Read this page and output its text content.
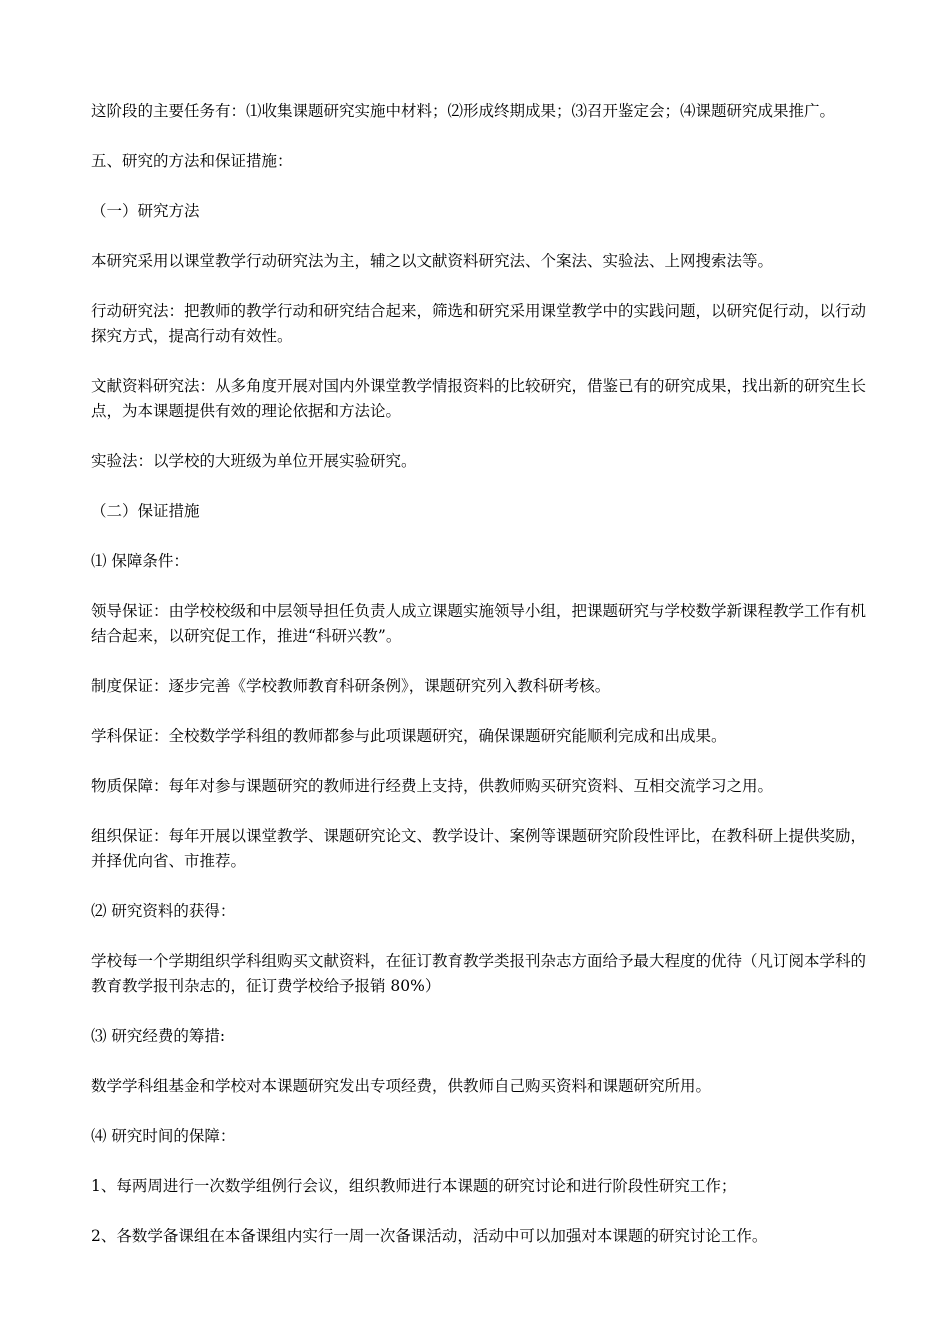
这阶段的主要任务有：⑴收集课题研究实施中材料；⑵形成终期成果；⑶召开鉴定会；⑷课题研究成果推广。

五、研究的方法和保证措施：

（一）研究方法

本研究采用以课堂教学行动研究法为主，辅之以文献资料研究法、个案法、实验法、上网搜索法等。

行动研究法：把教师的教学行动和研究结合起来，筛选和研究采用课堂教学中的实践问题，以研究促行动，以行动探究方式，提高行动有效性。

文献资料研究法：从多角度开展对国内外课堂教学情报资料的比较研究，借鉴已有的研究成果，找出新的研究生长点，为本课题提供有效的理论依据和方法论。

实验法：以学校的大班级为单位开展实验研究。

（二）保证措施

⑴ 保障条件：

领导保证：由学校校级和中层领导担任负责人成立课题实施领导小组，把课题研究与学校数学新课程教学工作有机结合起来，以研究促工作，推进“科研兴教”。

制度保证：逐步完善《学校教师教育科研条例》，课题研究列入教科研考核。

学科保证：全校数学学科组的教师都参与此项课题研究，确保课题研究能顺利完成和出成果。

物质保障：每年对参与课题研究的教师进行经费上支持，供教师购买研究资料、互相交流学习之用。

组织保证：每年开展以课堂教学、课题研究论文、教学设计、案例等课题研究阶段性评比，在教科研上提供奖励，并择优向省、市推荐。

⑵ 研究资料的获得：

学校每一个学期组织学科组购买文献资料，在征订教育教学类报刊杂志方面给予最大程度的优待（凡订阅本学科的教育教学报刊杂志的，征订费学校给予报销 80%）

⑶ 研究经费的筹措:

数学学科组基金和学校对本课题研究发出专项经费，供教师自己购买资料和课题研究所用。

⑷ 研究时间的保障：

1、每两周进行一次数学组例行会议，组织教师进行本课题的研究讨论和进行阶段性研究工作；

2、各数学备课组在本备课组内实行一周一次备课活动，活动中可以加强对本课题的研究讨论工作。
